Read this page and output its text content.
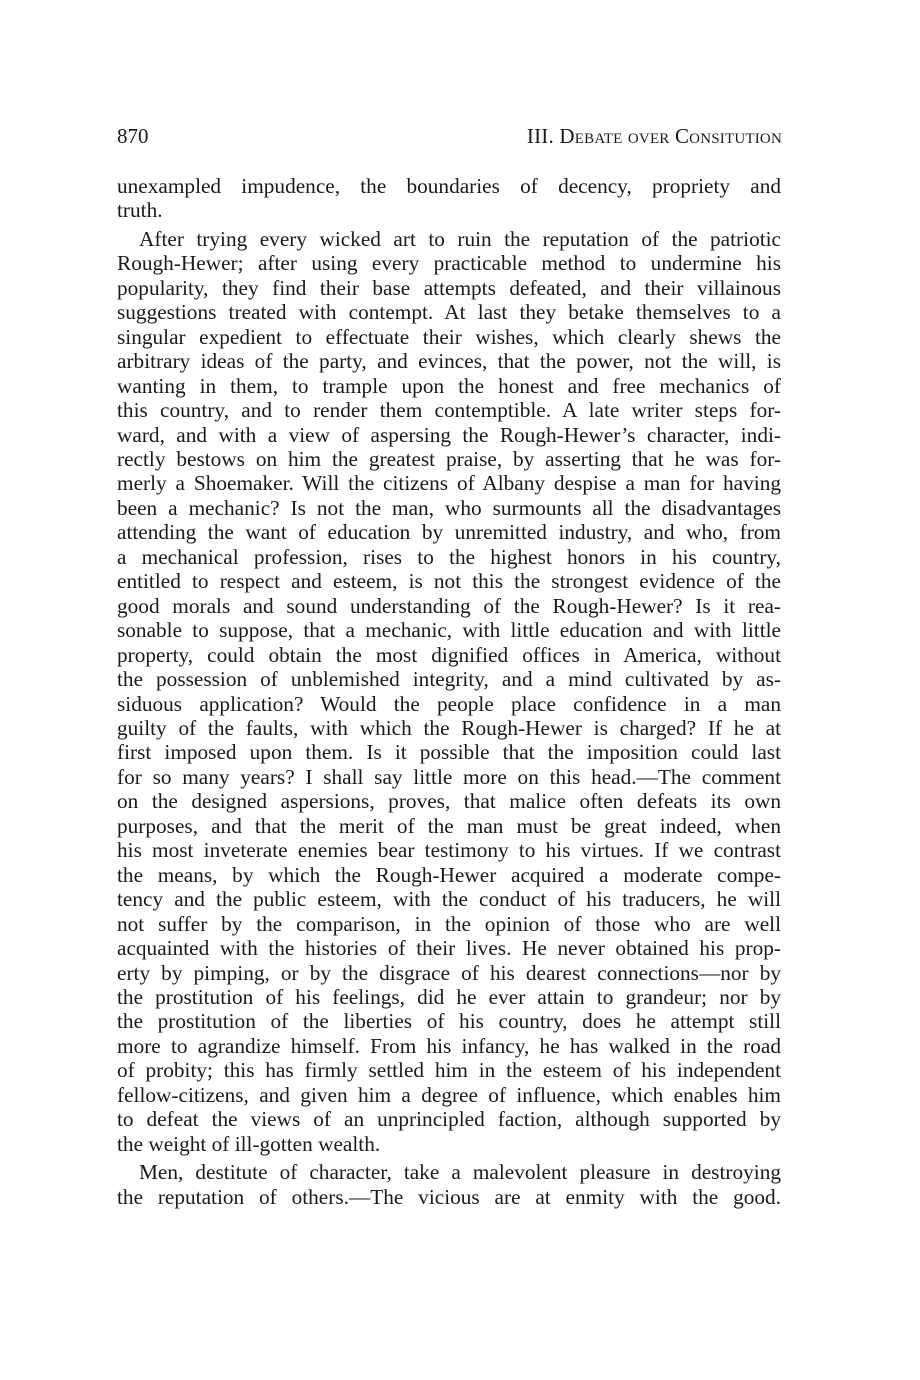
870	III. Debate over Consitution
unexampled impudence, the boundaries of decency, propriety and
truth.
After trying every wicked art to ruin the reputation of the patriotic
Rough-Hewer; after using every practicable method to undermine his
popularity, they find their base attempts defeated, and their villainous
suggestions treated with contempt. At last they betake themselves to a
singular expedient to effectuate their wishes, which clearly shews the
arbitrary ideas of the party, and evinces, that the power, not the will, is
wanting in them, to trample upon the honest and free mechanics of
this country, and to render them contemptible. A late writer steps for-
ward, and with a view of aspersing the Rough-Hewer’s character, indi-
rectly bestows on him the greatest praise, by asserting that he was for-
merly a Shoemaker. Will the citizens of Albany despise a man for having
been a mechanic? Is not the man, who surmounts all the disadvantages
attending the want of education by unremitted industry, and who, from
a mechanical profession, rises to the highest honors in his country,
entitled to respect and esteem, is not this the strongest evidence of the
good morals and sound understanding of the Rough-Hewer? Is it rea-
sonable to suppose, that a mechanic, with little education and with little
property, could obtain the most dignified offices in America, without
the possession of unblemished integrity, and a mind cultivated by as-
siduous application? Would the people place confidence in a man
guilty of the faults, with which the Rough-Hewer is charged? If he at
first imposed upon them. Is it possible that the imposition could last
for so many years? I shall say little more on this head.—The comment
on the designed aspersions, proves, that malice often defeats its own
purposes, and that the merit of the man must be great indeed, when
his most inveterate enemies bear testimony to his virtues. If we contrast
the means, by which the Rough-Hewer acquired a moderate compe-
tency and the public esteem, with the conduct of his traducers, he will
not suffer by the comparison, in the opinion of those who are well
acquainted with the histories of their lives. He never obtained his prop-
erty by pimping, or by the disgrace of his dearest connections—nor by
the prostitution of his feelings, did he ever attain to grandeur; nor by
the prostitution of the liberties of his country, does he attempt still
more to agrandize himself. From his infancy, he has walked in the road
of probity; this has firmly settled him in the esteem of his independent
fellow-citizens, and given him a degree of influence, which enables him
to defeat the views of an unprincipled faction, although supported by
the weight of ill-gotten wealth.
Men, destitute of character, take a malevolent pleasure in destroying
the reputation of others.—The vicious are at enmity with the good.
